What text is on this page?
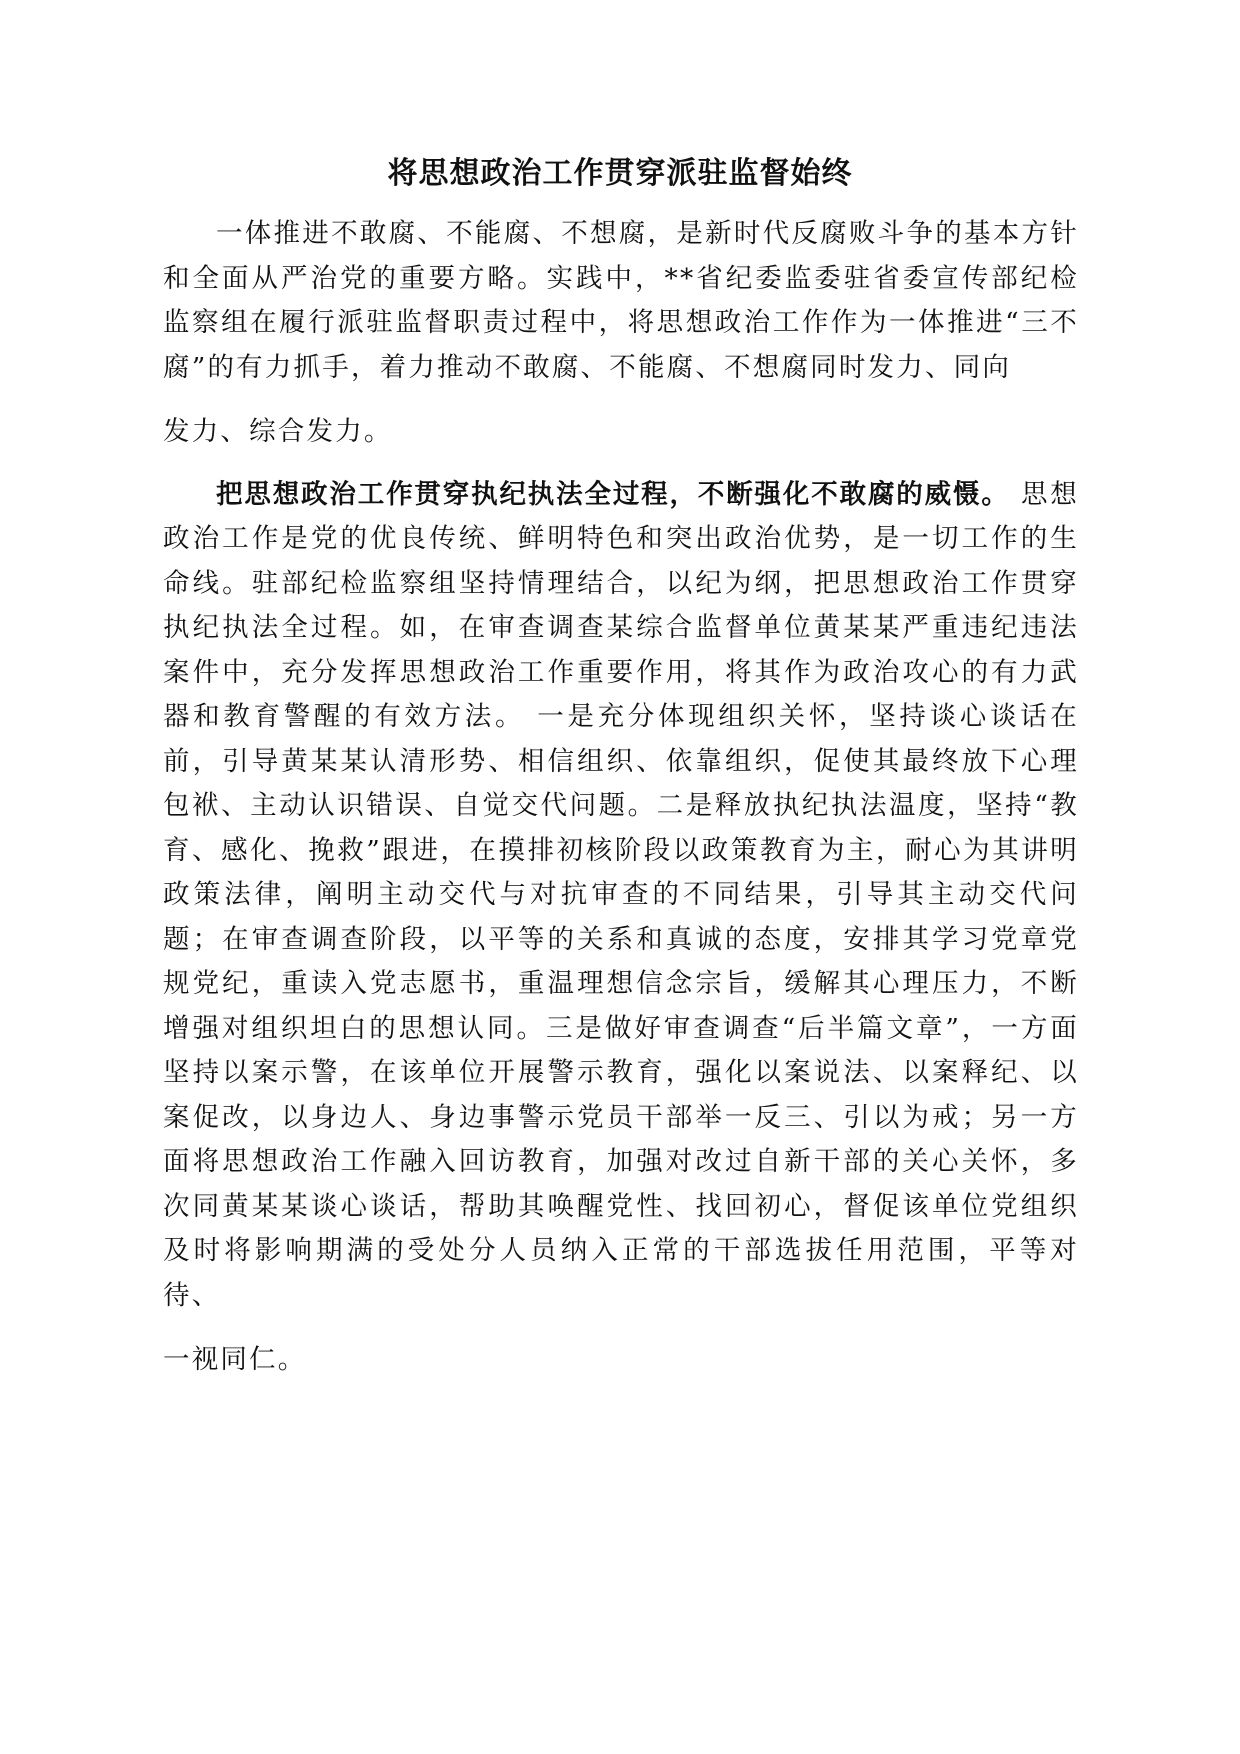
将思想政治工作贯穿派驻监督始终

一体推进不敢腐、不能腐、不想腐，是新时代反腐败斗争的基本方针和全面从严治党的重要方略。实践中，**省纪委监委驻省委宣传部纪检监察组在履行派驻监督职责过程中，将思想政治工作作为一体推进“三不腐”的有力抓手，着力推动不敢腐、不能腐、不想腐同时发力、同向

发力、综合发力。

把思想政治工作贯穿执纪执法全过程，不断强化不敢腐的威慑。 思想政治工作是党的优良传统、鲜明特色和突出政治优势，是一切工作的生命线。驻部纪检监察组坚持情理结合，以纪为纲，把思想政治工作贯穿执纪执法全过程。如，在审查调查某综合监督单位黄某某严重违纪违法案件中，充分发挥思想政治工作重要作用，将其作为政治攻心的有力武器和教育警醒的有效方法。 一是充分体现组织关怀，坚持谈心谈话在前，引导黄某某认清形势、相信组织、依靠组织，促使其最终放下心理包袱、主动认识错误、自觉交代问题。二是释放执纪执法温度，坚持“教育、感化、挽救”跟进，在摸排初核阶段以政策教育为主，耐心为其讲明政策法律，阐明主动交代与对抗审查的不同结果，引导其主动交代问题；在审查调查阶段，以平等的关系和真诚的态度，安排其学习党章党规党纪，重读入党志愿书，重温理想信念宗旨，缓解其心理压力，不断增强对组织坦白的思想认同。三是做好审查调查“后半篇文章”，一方面坚持以案示警，在该单位开展警示教育，强化以案说法、以案释纪、以案促改，以身边人、身边事警示党员干部举一反三、引以为戒；另一方面将思想政治工作融入回访教育，加强对改过自新干部的关心关怀，多次同黄某某谈心谈话，帮助其唤醒党性、找回初心，督促该单位党组织及时将影响期满的受处分人员纳入正常的干部选拔任用范围，平等对待、

一视同仁。
